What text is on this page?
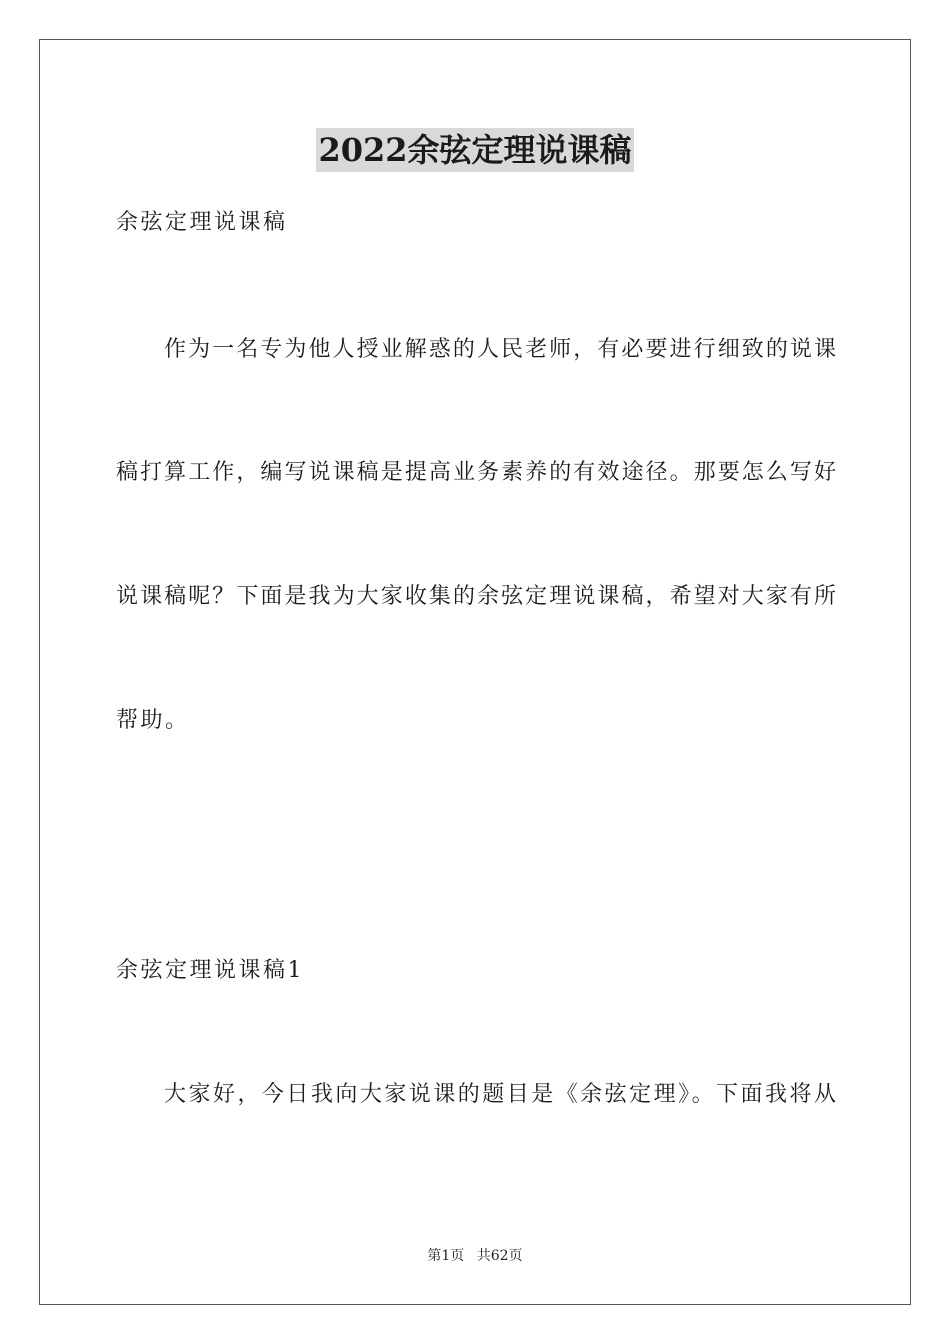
2022余弦定理说课稿

余弦定理说课稿

作为一名专为他人授业解惑的人民老师，有必要进行细致的说课

稿打算工作，编写说课稿是提高业务素养的有效途径。那要怎么写好

说课稿呢？下面是我为大家收集的余弦定理说课稿，希望对大家有所

帮助。

余弦定理说课稿1

大家好，今日我向大家说课的题目是《余弦定理》。下面我将从

第1页 共62页
